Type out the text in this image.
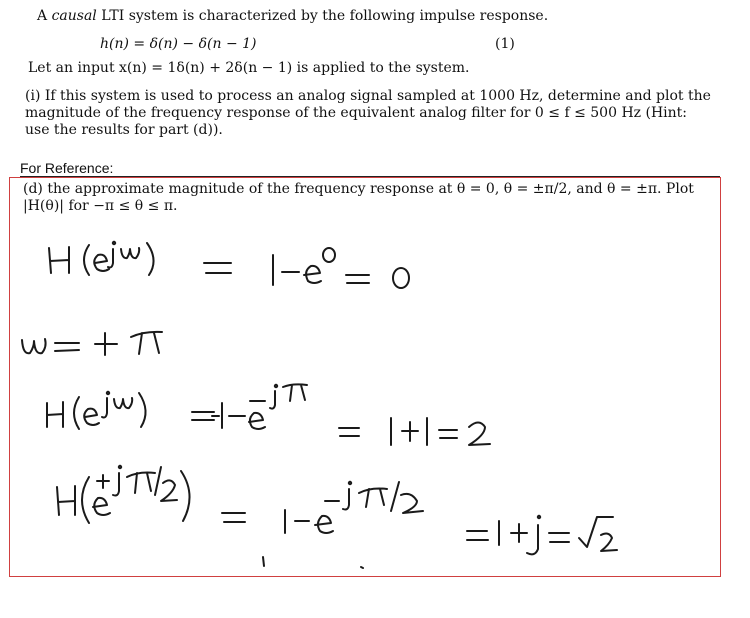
A causal LTI system is characterized by the following impulse response.
h(n) = δ(n) − δ(n − 1)	(1)
Let an input x(n) = 1δ(n) + 2δ(n − 1) is applied to the system.
(i) If this system is used to process an analog signal sampled at 1000 Hz, determine and plot the magnitude of the frequency response of the equivalent analog filter for 0 ≤ f ≤ 500 Hz (Hint: use the results for part (d)).
For Reference:
(d) the approximate magnitude of the frequency response at θ = 0, θ = ±π/2, and θ = ±π. Plot |H(θ)| for −π ≤ θ ≤ π.
